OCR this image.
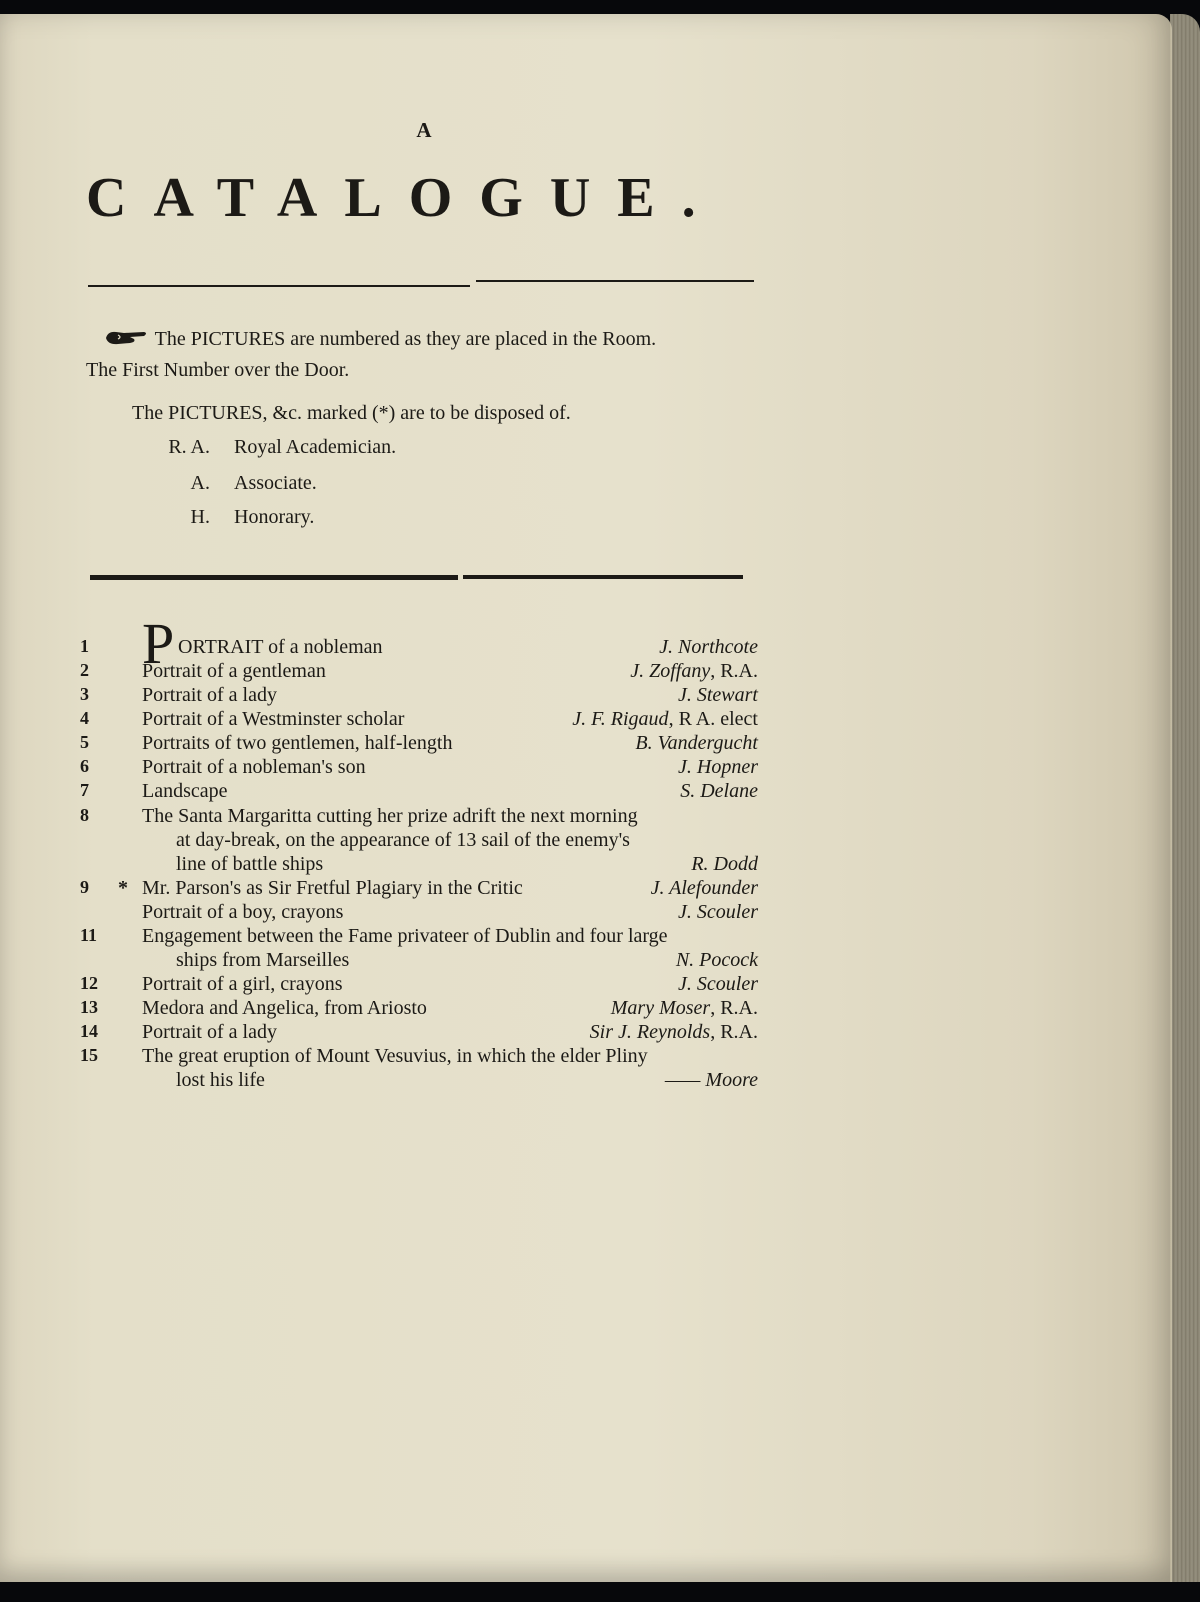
A
CATALOGUE.
The PICTURES are numbered as they are placed in the Room.
The First Number over the Door.
The PICTURES, &c. marked (*) are to be disposed of.
R. A. Royal Academician.
A. Associate.
H. Honorary.
1 P ORTRAIT of a nobleman	J. Northcote
2	Portrait of a gentleman	J. Zoffany, R.A.
3	Portrait of a lady	J. Stewart
4	Portrait of a Westminster scholar	J. F. Rigaud, R A. elect
5	Portraits of two gentlemen, half-length	B. Vandergucht
6	Portrait of a nobleman's son	J. Hopner
7	Landscape	S. Delane
8	The Santa Margaritta cutting her prize adrift the next morning
at day-break, on the appearance of 13 sail of the enemy's
line of battle ships	R. Dodd
9	* Mr. Parson's as Sir Fretful Plagiary in the Critic	J. Alefounder
Portrait of a boy, crayons	J. Scouler
11	Engagement between the Fame privateer of Dublin and four large
ships from Marseilles	N. Pocock
12	Portrait of a girl, crayons	J. Scouler
13	Medora and Angelica, from Ariosto	Mary Moser, R.A.
14	Portrait of a lady	Sir J. Reynolds, R.A.
15	The great eruption of Mount Vesuvius, in which the elder Pliny
lost his life	—— Moore
